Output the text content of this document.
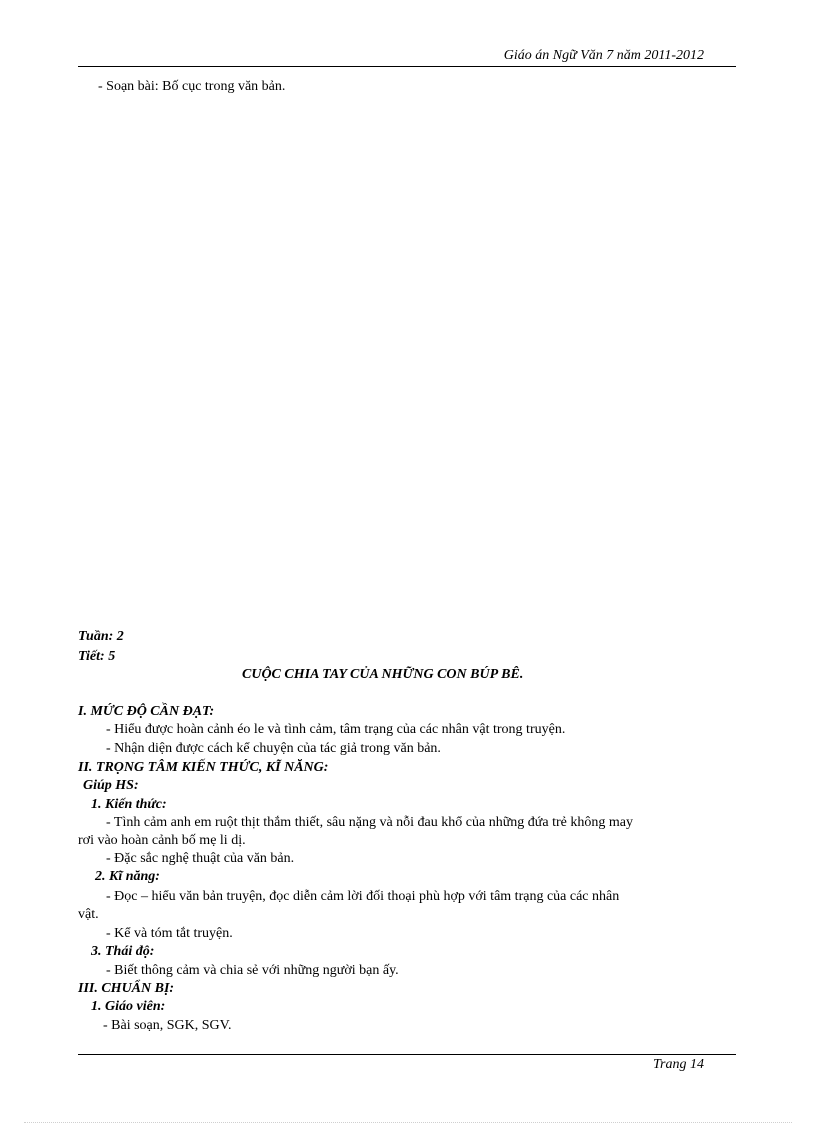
Giáo án Ngữ Văn 7 năm 2011-2012
- Soạn bài: Bố cục trong văn bản.
Tuần: 2
Tiết: 5
CUỘC CHIA TAY CỦA NHỮNG CON BÚP BÊ.
I. MỨC ĐỘ CẦN ĐẠT:
- Hiểu được hoàn cảnh éo le và tình cảm, tâm trạng của các nhân vật trong truyện.
- Nhận diện được cách kể chuyện của tác giả trong văn bản.
II. TRỌNG TÂM KIẾN THỨC, KĨ NĂNG:
Giúp HS:
1. Kiến thức:
- Tình cảm anh em ruột thịt thắm thiết, sâu nặng và nỗi đau khổ của những đứa trẻ không may
rơi vào hoàn cảnh bố mẹ li dị.
- Đặc sắc nghệ thuật của văn bản.
2. Kĩ năng:
- Đọc – hiểu văn bản truyện, đọc diễn cảm lời đối thoại phù hợp với tâm trạng của các nhân
vật.
- Kể và tóm tắt truyện.
3. Thái độ:
- Biết thông cảm và chia sẻ với những người bạn ấy.
III. CHUẨN BỊ:
1. Giáo viên:
- Bài soạn, SGK, SGV.
Trang 14
